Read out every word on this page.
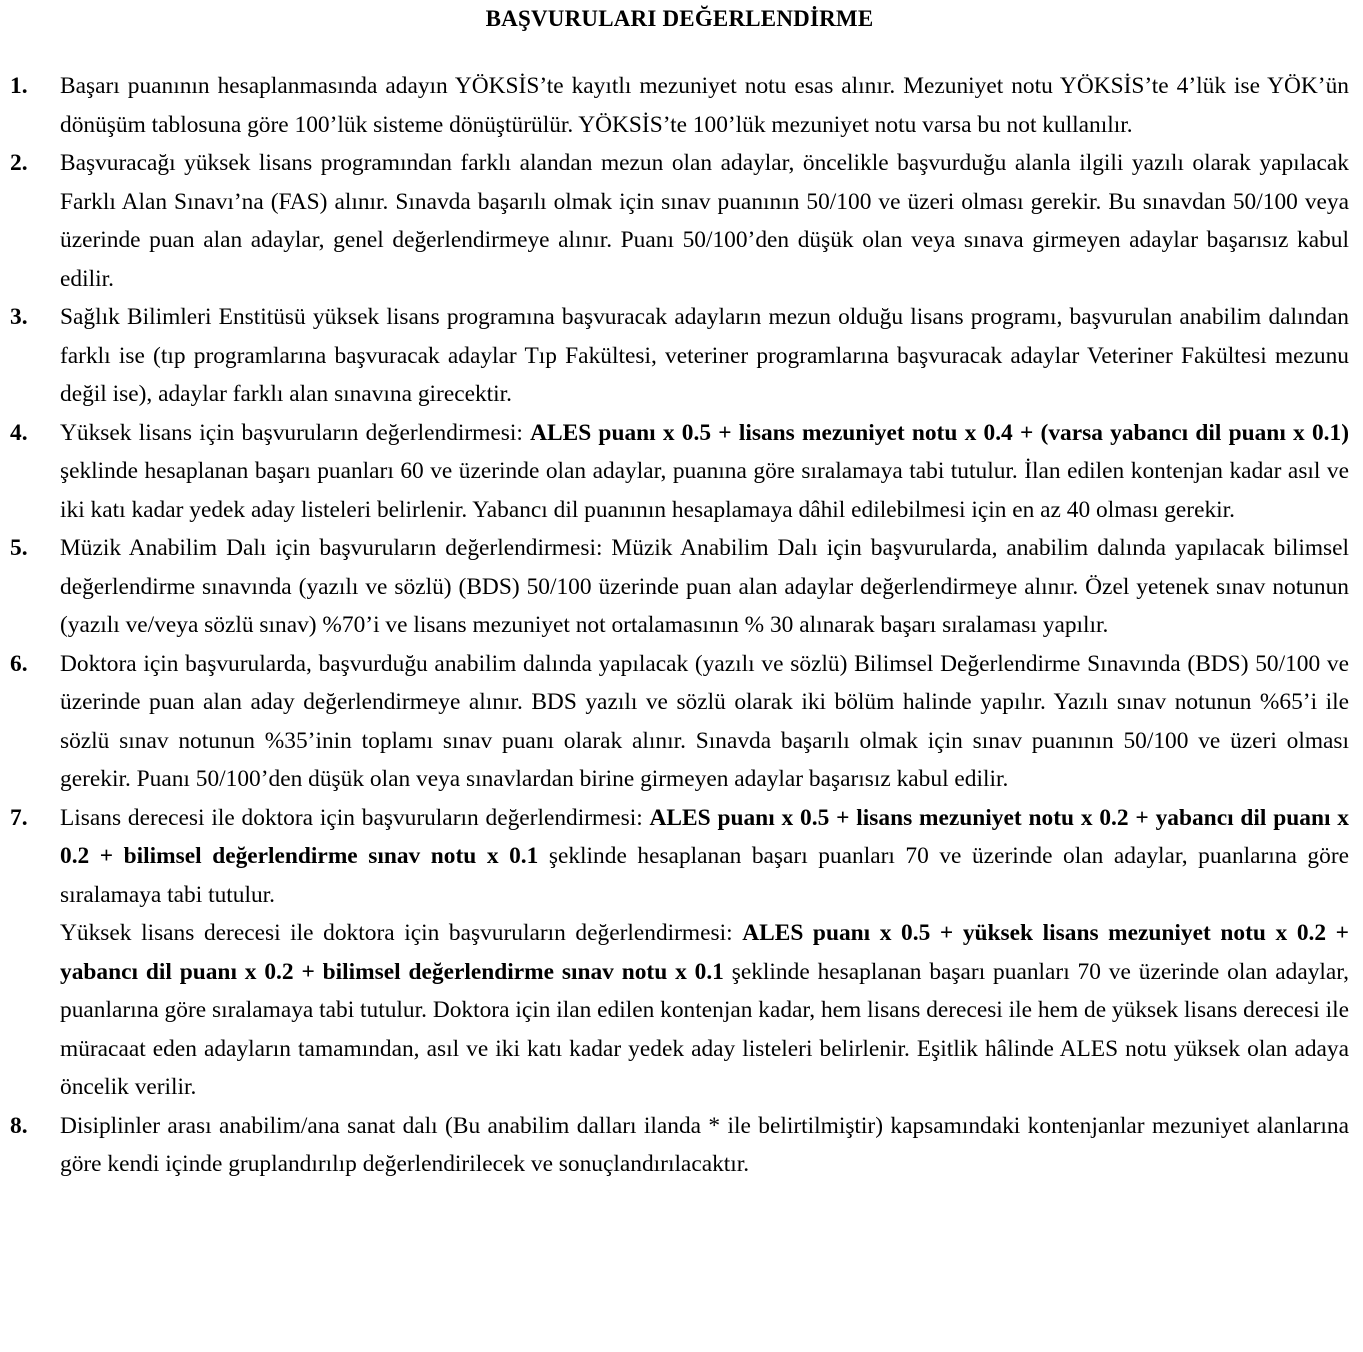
BAŞVURULARI DEĞERLENDİRME
1.	Başarı puanının hesaplanmasında adayın YÖKSİS’te kayıtlı mezuniyet notu esas alınır. Mezuniyet notu YÖKSİS’te 4’lük ise YÖK’ün dönüşüm tablosuna göre 100’lük sisteme dönüştürülür. YÖKSİS’te 100’lük mezuniyet notu varsa bu not kullanılır.
2.	Başvuracağı yüksek lisans programından farklı alandan mezun olan adaylar, öncelikle başvurduğu alanla ilgili yazılı olarak yapılacak Farklı Alan Sınavı’na (FAS) alınır. Sınavda başarılı olmak için sınav puanının 50/100 ve üzeri olması gerekir. Bu sınavdan 50/100 veya üzerinde puan alan adaylar, genel değerlendirmeye alınır. Puanı 50/100’den düşük olan veya sınava girmeyen adaylar başarısız kabul edilir.
3.	Sağlık Bilimleri Enstitüsü yüksek lisans programına başvuracak adayların mezun olduğu lisans programı, başvurulan anabilim dalından farklı ise (tıp programlarına başvuracak adaylar Tıp Fakültesi, veteriner programlarına başvuracak adaylar Veteriner Fakültesi mezunu değil ise), adaylar farklı alan sınavına girecektir.
4.	Yüksek lisans için başvuruların değerlendirmesi: ALES puanı x 0.5 + lisans mezuniyet notu x 0.4 + (varsa yabancı dil puanı x 0.1) şeklinde hesaplanan başarı puanları 60 ve üzerinde olan adaylar, puanına göre sıralamaya tabi tutulur. İlan edilen kontenjan kadar asıl ve iki katı kadar yedek aday listeleri belirlenir. Yabancı dil puanının hesaplamaya dâhil edilebilmesi için en az 40 olması gerekir.
5.	Müzik Anabilim Dalı için başvuruların değerlendirmesi: Müzik Anabilim Dalı için başvurularda, anabilim dalında yapılacak bilimsel değerlendirme sınavında (yazılı ve sözlü) (BDS) 50/100 üzerinde puan alan adaylar değerlendirmeye alınır. Özel yetenek sınav notunun (yazılı ve/veya sözlü sınav) %70’i ve lisans mezuniyet not ortalamasının % 30 alınarak başarı sıralaması yapılır.
6.	Doktora için başvurularda, başvurduğu anabilim dalında yapılacak (yazılı ve sözlü) Bilimsel Değerlendirme Sınavında (BDS) 50/100 ve üzerinde puan alan aday değerlendirmeye alınır. BDS yazılı ve sözlü olarak iki bölüm halinde yapılır. Yazılı sınav notunun %65’i ile sözlü sınav notunun %35’inin toplamı sınav puanı olarak alınır. Sınavda başarılı olmak için sınav puanının 50/100 ve üzeri olması gerekir. Puanı 50/100’den düşük olan veya sınavlardan birine girmeyen adaylar başarısız kabul edilir.
7.	Lisans derecesi ile doktora için başvuruların değerlendirmesi: ALES puanı x 0.5 + lisans mezuniyet notu x 0.2 + yabancı dil puanı x 0.2 + bilimsel değerlendirme sınav notu x 0.1 şeklinde hesaplanan başarı puanları 70 ve üzerinde olan adaylar, puanlarına göre sıralamaya tabi tutulur.

Yüksek lisans derecesi ile doktora için başvuruların değerlendirmesi: ALES puanı x 0.5 + yüksek lisans mezuniyet notu x 0.2 + yabancı dil puanı x 0.2 + bilimsel değerlendirme sınav notu x 0.1 şeklinde hesaplanan başarı puanları 70 ve üzerinde olan adaylar, puanlarına göre sıralamaya tabi tutulur. Doktora için ilan edilen kontenjan kadar, hem lisans derecesi ile hem de yüksek lisans derecesi ile müracaat eden adayların tamamından, asıl ve iki katı kadar yedek aday listeleri belirlenir. Eşitlik hâlinde ALES notu yüksek olan adaya öncelik verilir.

8.	Disiplinler arası anabilim/ana sanat dalı (Bu anabilim dalları ilanda * ile belirtilmiştir) kapsamındaki kontenjanlar mezuniyet alanlarına göre kendi içinde gruplandırılıp değerlendirilecek ve sonuçlandırılacaktır.
